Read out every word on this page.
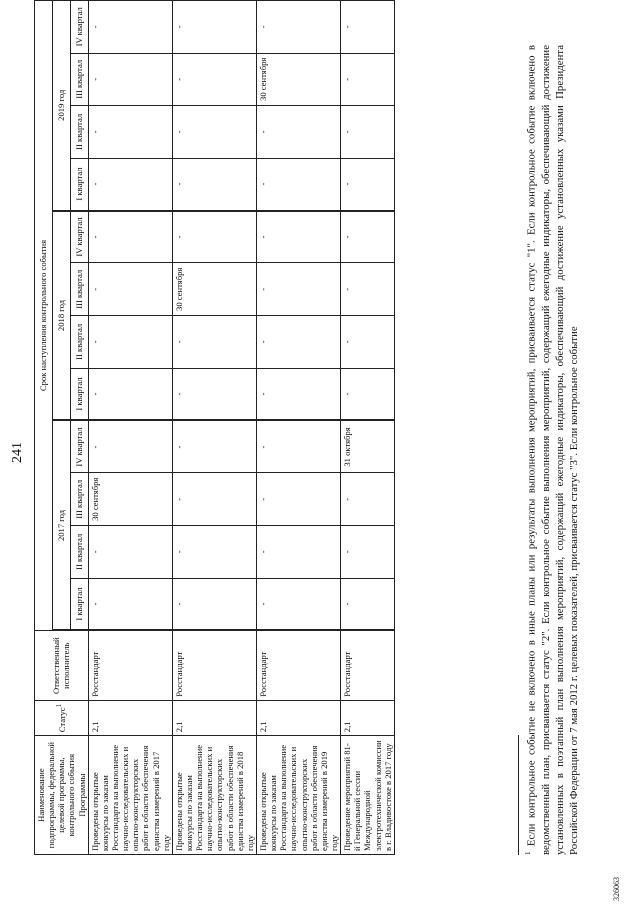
241
Наименование подпрограммы, федеральной целевой программы, контрольного события Программы	Статус$^1$	Ответственный исполнитель	Срок наступления контрольного события											
			2017 год				2018 год				2019 год			
			I квартал	II квартал	III квартал	IV квартал	I квартал	II квартал	III квартал	IV квартал	I квартал	II квартал	III квартал	IV квартал
Проведены открытые конкурсы по заказам Росстандарта на выполнение научно-исследовательских и опытно-конструкторских работ в области обеспечения единства измерений в 2017 году	2,1	Росстандарт	-	-	30 сентября	-	-	-	-	-	-	-	-	-
Проведены открытые конкурсы по заказам Росстандарта на выполнение научно-исследовательских и опытно-конструкторских работ в области обеспечения единства измерений в 2018 году	2,1	Росстандарт	-	-	-	-	-	-	30 сентября	-	-	-	-	-
Проведены открытые конкурсы по заказам Росстандарта на выполнение научно-исследовательских и опытно-конструкторских работ в области обеспечения единства измерений в 2019 году	2,1	Росстандарт	-	-	-	-	-	-	-	-	-	-	30 сентября	-
Проведение мероприятий 81-й Генеральной сессии Международной электротехнической комиссии в г. Владивостоке в 2017 году	2,1	Росстандарт	-	-	-	31 октября	-	-	-	-	-	-	-	-
$^1$ Если контрольное событие не включено в иные планы или результаты выполнения мероприятий, присваивается статус "1". Если контрольное событие включено в ведомственный план, присваивается статус "2". Если контрольное событие выполнения мероприятий, содержащий ежегодные индикаторы, обеспечивающий достижение установленных в поэтапный план выполнения мероприятий, содержащий ежегодные индикаторы, обеспечивающий достижение установленных указами Президента Российской Федерации от 7 мая 2012 г. целевых показателей, присваивается статус "3". Если контрольное событие
326063
